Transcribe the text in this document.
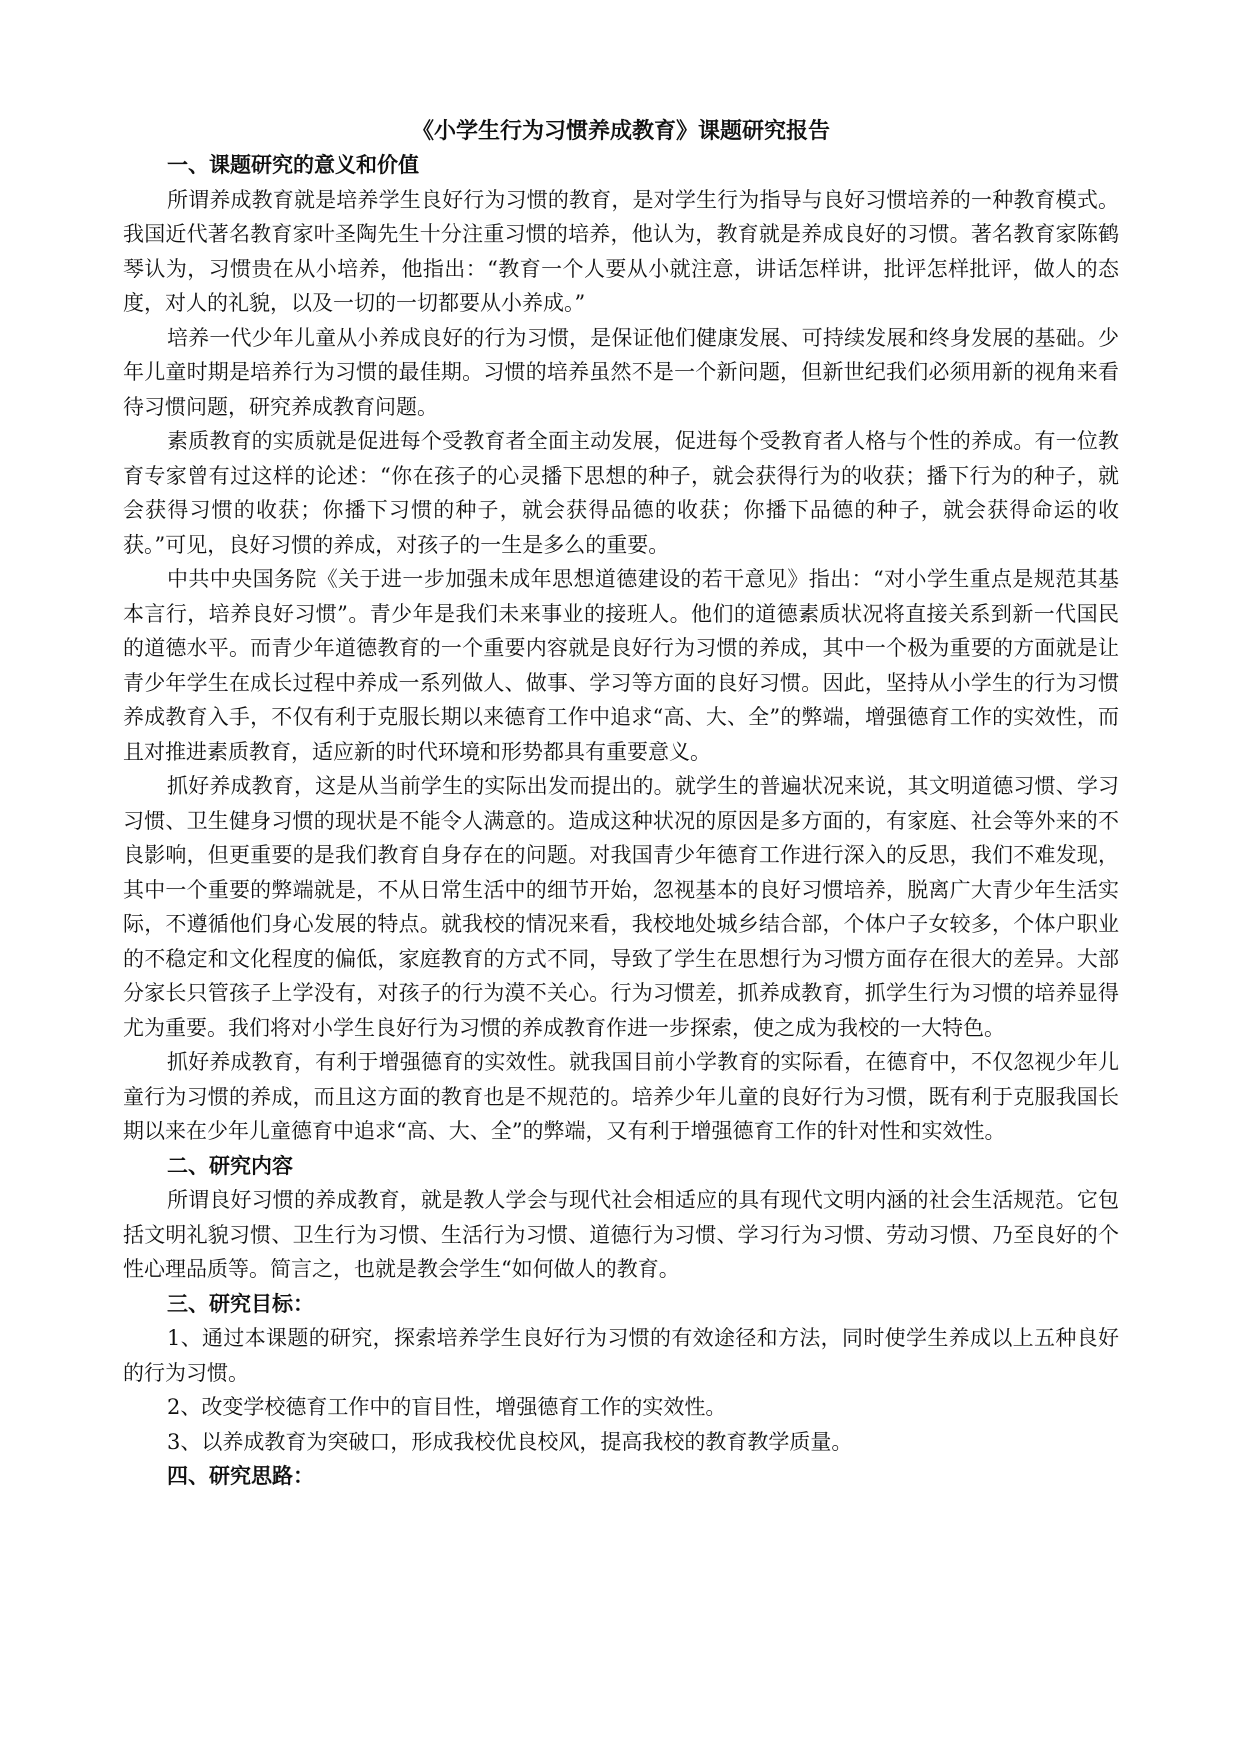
《小学生行为习惯养成教育》课题研究报告
一、课题研究的意义和价值

所谓养成教育就是培养学生良好行为习惯的教育，是对学生行为指导与良好习惯培养的一种教育模式。我国近代著名教育家叶圣陶先生十分注重习惯的培养，他认为，教育就是养成良好的习惯。著名教育家陈鹤琴认为，习惯贵在从小培养，他指出：“教育一个人要从小就注意，讲话怎样讲，批评怎样批评，做人的态度，对人的礼貌，以及一切的一切都要从小养成。”

培养一代少年儿童从小养成良好的行为习惯，是保证他们健康发展、可持续发展和终身发展的基础。少年儿童时期是培养行为习惯的最佳期。习惯的培养虽然不是一个新问题，但新世纪我们必须用新的视角来看待习惯问题，研究养成教育问题。

素质教育的实质就是促进每个受教育者全面主动发展，促进每个受教育者人格与个性的养成。有一位教育专家曾有过这样的论述：“你在孩子的心灵播下思想的种子，就会获得行为的收获；播下行为的种子，就会获得习惯的收获；你播下习惯的种子，就会获得品德的收获；你播下品德的种子，就会获得命运的收获。”可见，良好习惯的养成，对孩子的一生是多么的重要。

中共中央国务院《关于进一步加强未成年思想道德建设的若干意见》指出：“对小学生重点是规范其基本言行，培养良好习惯”。青少年是我们未来事业的接班人。他们的道德素质状况将直接关系到新一代国民的道德水平。而青少年道德教育的一个重要内容就是良好行为习惯的养成，其中一个极为重要的方面就是让青少年学生在成长过程中养成一系列做人、做事、学习等方面的良好习惯。因此，坚持从小学生的行为习惯养成教育入手，不仅有利于克服长期以来德育工作中追求“高、大、全”的弊端，增强德育工作的实效性，而且对推进素质教育，适应新的时代环境和形势都具有重要意义。

抓好养成教育，这是从当前学生的实际出发而提出的。就学生的普遍状况来说，其文明道德习惯、学习习惯、卫生健身习惯的现状是不能令人满意的。造成这种状况的原因是多方面的，有家庭、社会等外来的不良影响，但更重要的是我们教育自身存在的问题。对我国青少年德育工作进行深入的反思，我们不难发现，其中一个重要的弊端就是，不从日常生活中的细节开始，忽视基本的良好习惯培养，脱离广大青少年生活实际，不遵循他们身心发展的特点。就我校的情况来看，我校地处城乡结合部，个体户子女较多，个体户职业的不稳定和文化程度的偏低，家庭教育的方式不同，导致了学生在思想行为习惯方面存在很大的差异。大部分家长只管孩子上学没有，对孩子的行为漠不关心。行为习惯差，抓养成教育，抓学生行为习惯的培养显得尤为重要。我们将对小学生良好行为习惯的养成教育作进一步探索，使之成为我校的一大特色。

抓好养成教育，有利于增强德育的实效性。就我国目前小学教育的实际看，在德育中，不仅忽视少年儿童行为习惯的养成，而且这方面的教育也是不规范的。培养少年儿童的良好行为习惯，既有利于克服我国长期以来在少年儿童德育中追求“高、大、全”的弊端，又有利于增强德育工作的针对性和实效性。

二、研究内容

所谓良好习惯的养成教育，就是教人学会与现代社会相适应的具有现代文明内涵的社会生活规范。它包括文明礼貌习惯、卫生行为习惯、生活行为习惯、道德行为习惯、学习行为习惯、劳动习惯、乃至良好的个性心理品质等。简言之，也就是教会学生“如何做人的教育。

三、研究目标：

1、通过本课题的研究，探索培养学生良好行为习惯的有效途径和方法，同时使学生养成以上五种良好的行为习惯。

2、改变学校德育工作中的盲目性，增强德育工作的实效性。

3、以养成教育为突破口，形成我校优良校风，提高我校的教育教学质量。

四、研究思路：
